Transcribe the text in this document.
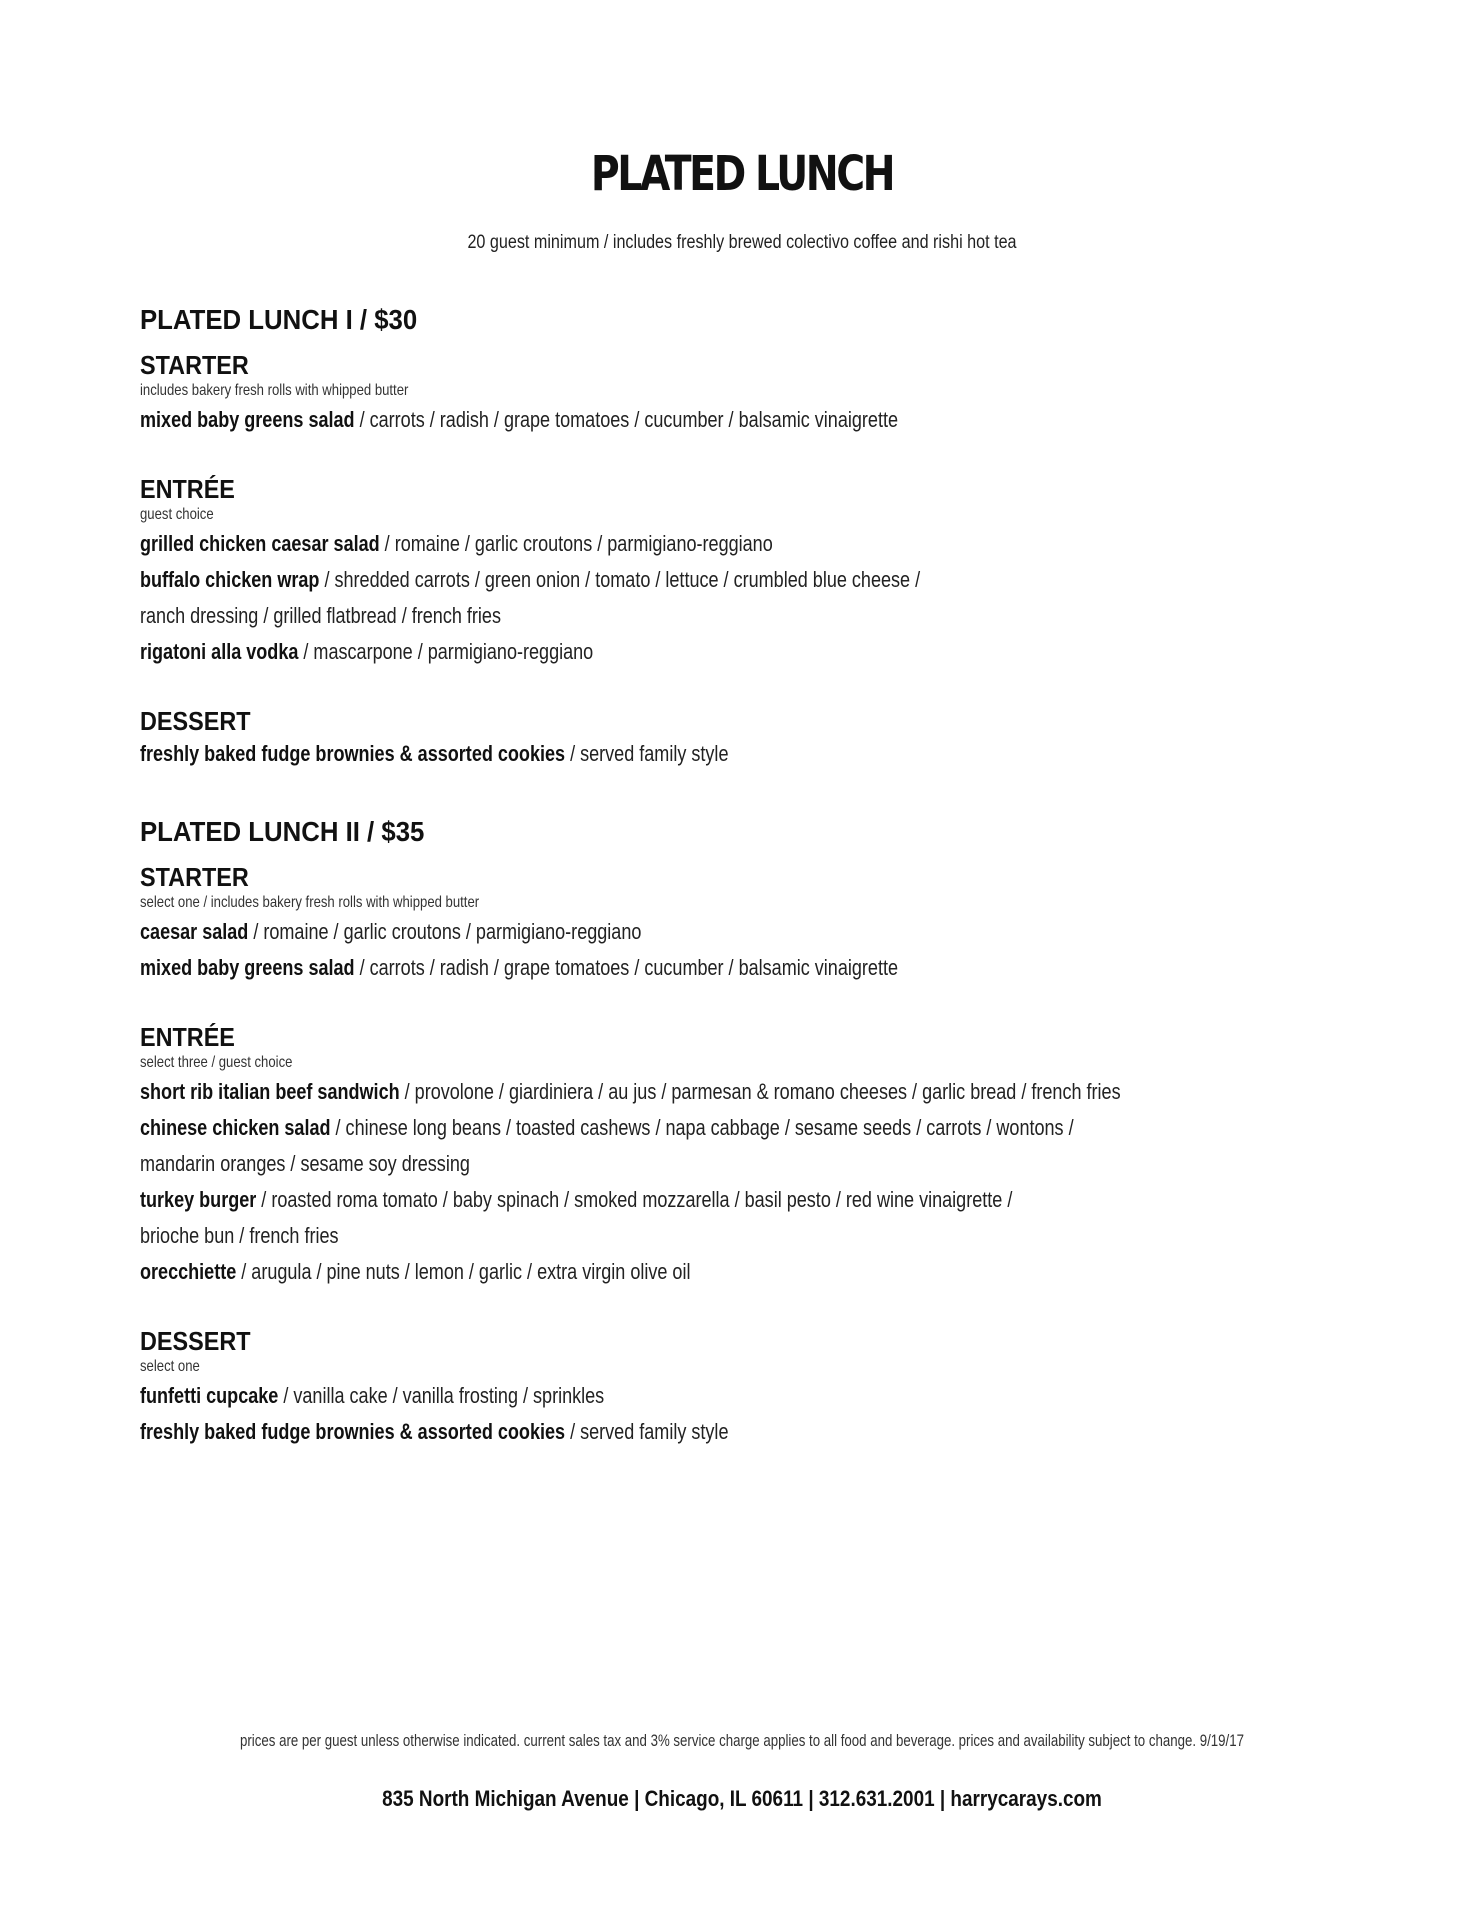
PLATED LUNCH
20 guest minimum / includes freshly brewed colectivo coffee and rishi hot tea
PLATED LUNCH I / $30
STARTER
includes bakery fresh rolls with whipped butter
mixed baby greens salad / carrots / radish / grape tomatoes / cucumber / balsamic vinaigrette
ENTRÉE
guest choice
grilled chicken caesar salad / romaine / garlic croutons / parmigiano-reggiano
buffalo chicken wrap / shredded carrots / green onion / tomato / lettuce / crumbled blue cheese /
ranch dressing / grilled flatbread / french fries
rigatoni alla vodka / mascarpone / parmigiano-reggiano
DESSERT
freshly baked fudge brownies & assorted cookies / served family style
PLATED LUNCH II / $35
STARTER
select one / includes bakery fresh rolls with whipped butter
caesar salad / romaine / garlic croutons / parmigiano-reggiano
mixed baby greens salad / carrots / radish / grape tomatoes / cucumber / balsamic vinaigrette
ENTRÉE
select three / guest choice
short rib italian beef sandwich / provolone / giardiniera / au jus / parmesan & romano cheeses / garlic bread / french fries
chinese chicken salad / chinese long beans / toasted cashews / napa cabbage / sesame seeds / carrots / wontons /
mandarin oranges / sesame soy dressing
turkey burger / roasted roma tomato / baby spinach / smoked mozzarella / basil pesto / red wine vinaigrette /
brioche bun / french fries
orecchiette / arugula / pine nuts / lemon / garlic / extra virgin olive oil
DESSERT
select one
funfetti cupcake / vanilla cake / vanilla frosting / sprinkles
freshly baked fudge brownies & assorted cookies / served family style
prices are per guest unless otherwise indicated. current sales tax and 3% service charge applies to all food and beverage. prices and availability subject to change. 9/19/17
835 North Michigan Avenue | Chicago, IL 60611 | 312.631.2001 | harrycarays.com
